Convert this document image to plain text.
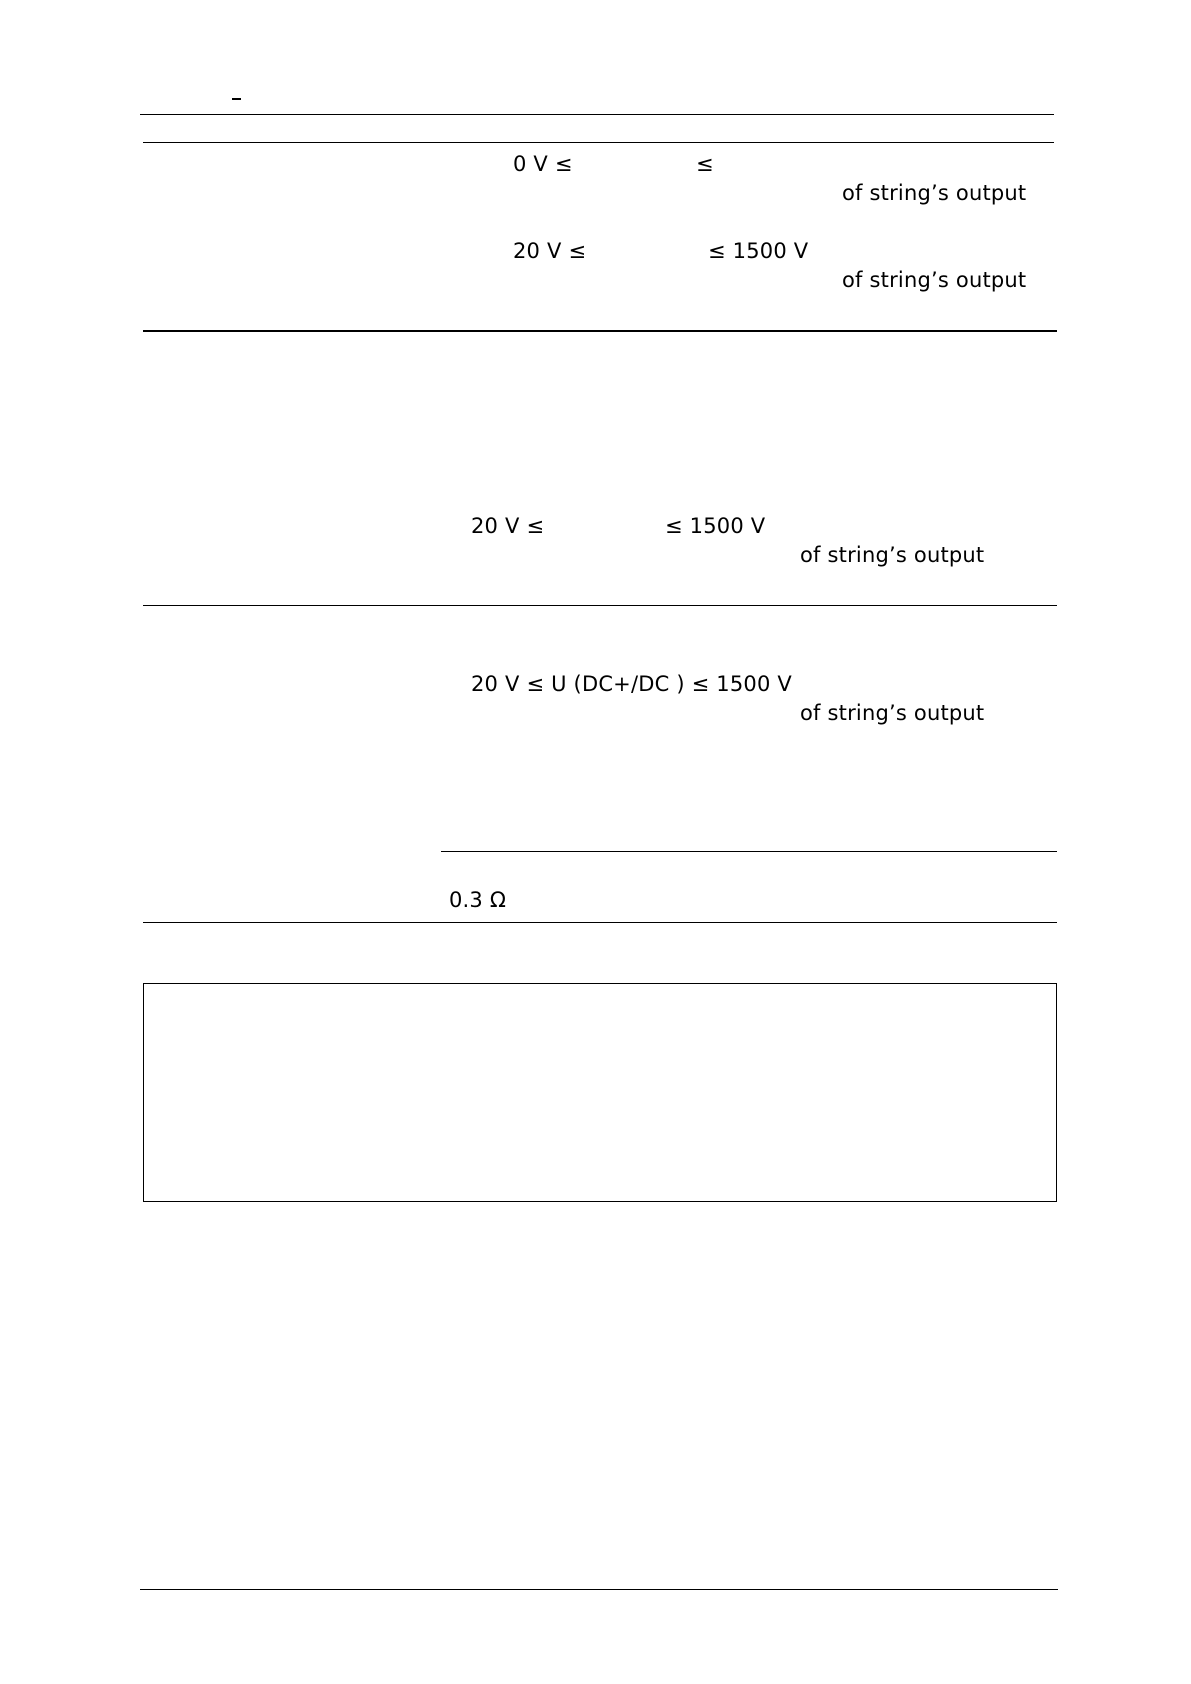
0 V ≤	≤
of string’s output
20 V ≤	≤ 1500 V
of string’s output
20 V ≤	≤ 1500 V
of string’s output
20 V ≤ U (DC+/DC ) ≤ 1500 V
of string’s output
0.3 Ω
